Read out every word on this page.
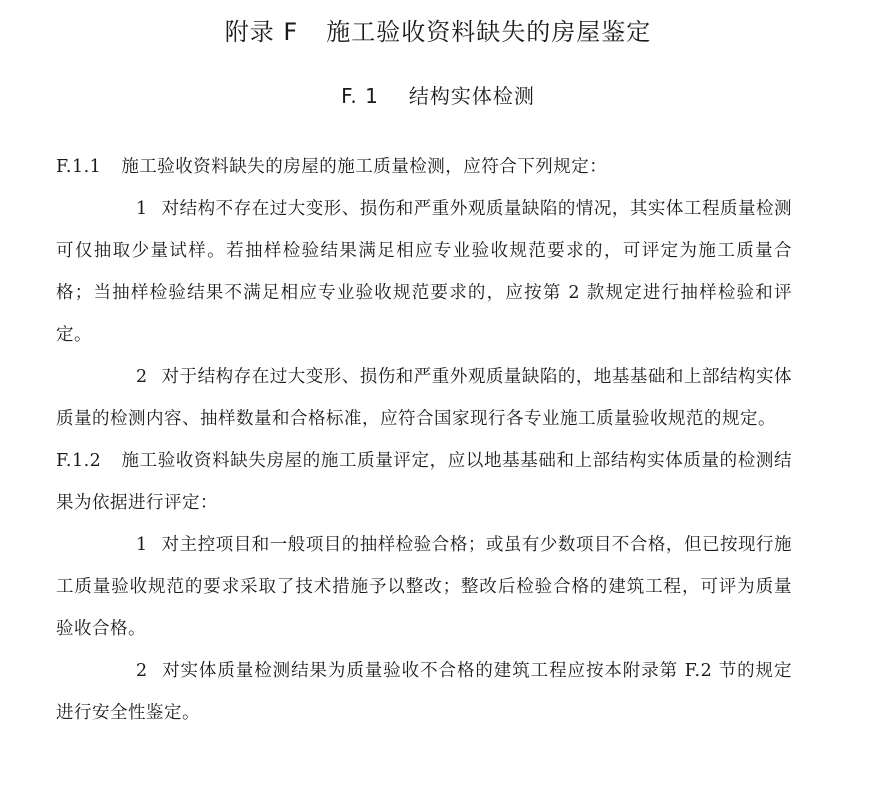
附录 F 施工验收资料缺失的房屋鉴定
F. 1 结构实体检测

F.1.1 施工验收资料缺失的房屋的施工质量检测，应符合下列规定：

1 对结构不存在过大变形、损伤和严重外观质量缺陷的情况，其实体工程质量检测可仅抽取少量试样。若抽样检验结果满足相应专业验收规范要求的，可评定为施工质量合格；当抽样检验结果不满足相应专业验收规范要求的，应按第 2 款规定进行抽样检验和评定。

2 对于结构存在过大变形、损伤和严重外观质量缺陷的，地基基础和上部结构实体质量的检测内容、抽样数量和合格标准，应符合国家现行各专业施工质量验收规范的规定。

F.1.2 施工验收资料缺失房屋的施工质量评定，应以地基基础和上部结构实体质量的检测结果为依据进行评定：

1 对主控项目和一般项目的抽样检验合格；或虽有少数项目不合格，但已按现行施工质量验收规范的要求采取了技术措施予以整改；整改后检验合格的建筑工程，可评为质量验收合格。

2 对实体质量检测结果为质量验收不合格的建筑工程应按本附录第 F.2 节的规定进行安全性鉴定。
